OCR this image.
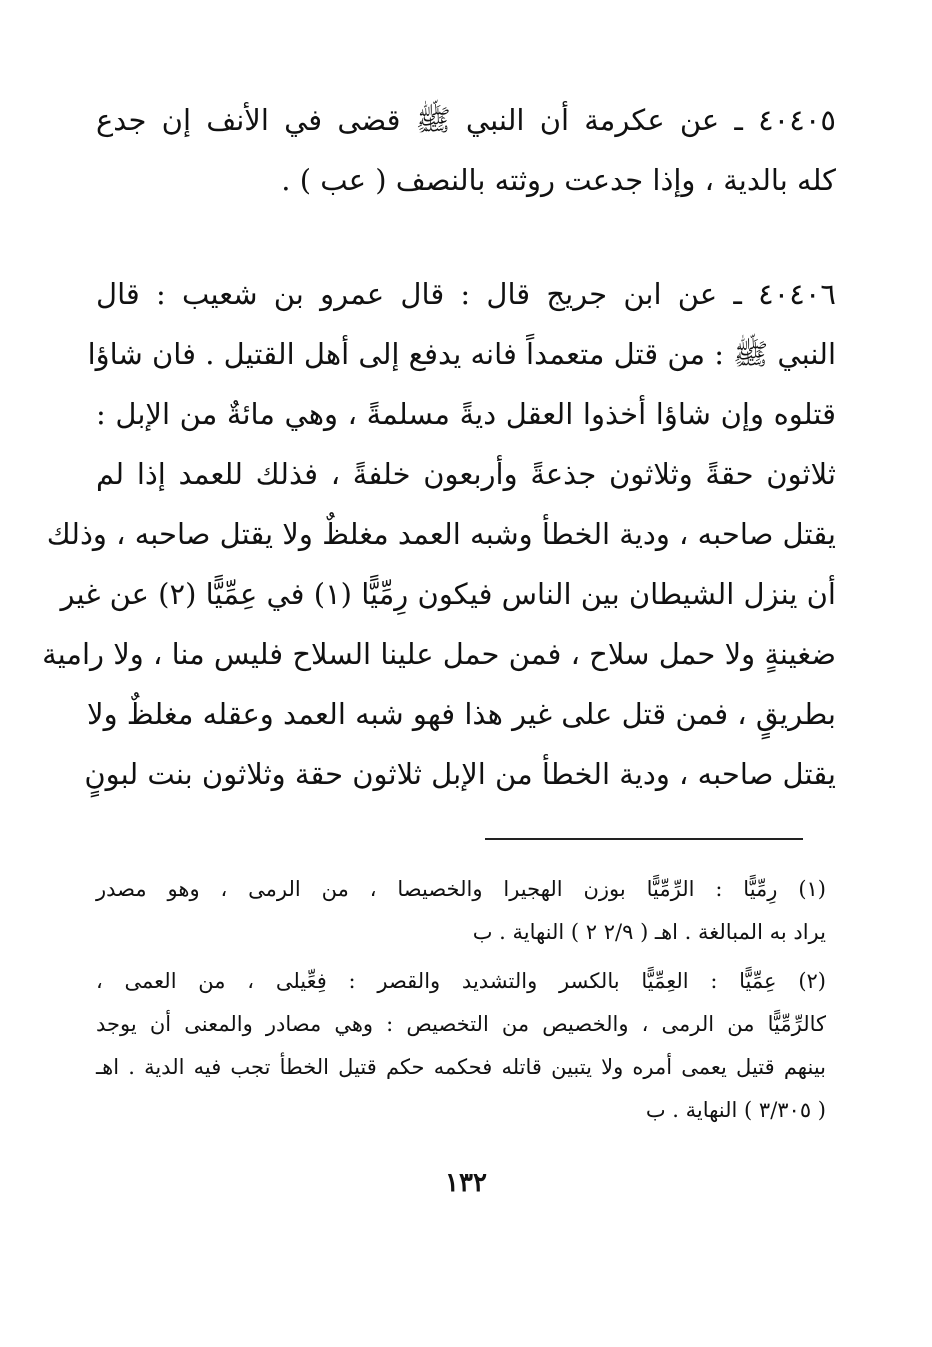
٤٠٤٠٥ ـ عن عكرمة أن النبي ﷺ قضى في الأنف إن جدع
كله بالدية ، وإذا جدعت روثته بالنصف ( عب ) .
٤٠٤٠٦ ـ عن ابن جريج قال : قال عمرو بن شعيب : قال
النبي ﷺ : من قتل متعمداً فانه يدفع إلى أهل القتيل . فان شاؤا
قتلوه وإن شاؤا أخذوا العقل ديةً مسلمةً ، وهي مائةٌ من الإبل :
ثلاثون حقةً وثلاثون جذعةً وأربعون خلفةً ، فذلك للعمد إذا لم
يقتل صاحبه ، ودية الخطأ وشبه العمد مغلظٌ ولا يقتل صاحبه ، وذلك
أن ينزل الشيطان بين الناس فيكون رِمِّيًّا (١) في عِمِّيًّا (٢) عن غير
ضغينةٍ ولا حمل سلاح ، فمن حمل علينا السلاح فليس منا ، ولا رامية
بطريقٍ ، فمن قتل على غير هذا فهو شبه العمد وعقله مغلظٌ ولا
يقتل صاحبه ، ودية الخطأ من الإبل ثلاثون حقة وثلاثون بنت لبونٍ
(١) رِمِّيًّا : الرِّمِّيًّا بوزن الهجيرا والخصيصا ، من الرمى ، وهو مصدر
يراد به المبالغة . اهـ ( ٢/٩ ٢ ) النهاية . ب
(٢) عِمِّيًّا : العِمِّيًّا بالكسر والتشديد والقصر : فِعِّيلى ، من العمى ،
كالرِّمِّيًّا من الرمى ، والخصيص من التخصيص : وهي مصادر والمعنى أن يوجد
بينهم قتيل يعمى أمره ولا يتبين قاتله فحكمه حكم قتيل الخطأ تجب فيه الدية . اهـ
( ٣/٣٠٥ ) النهاية . ب
١٣٢
